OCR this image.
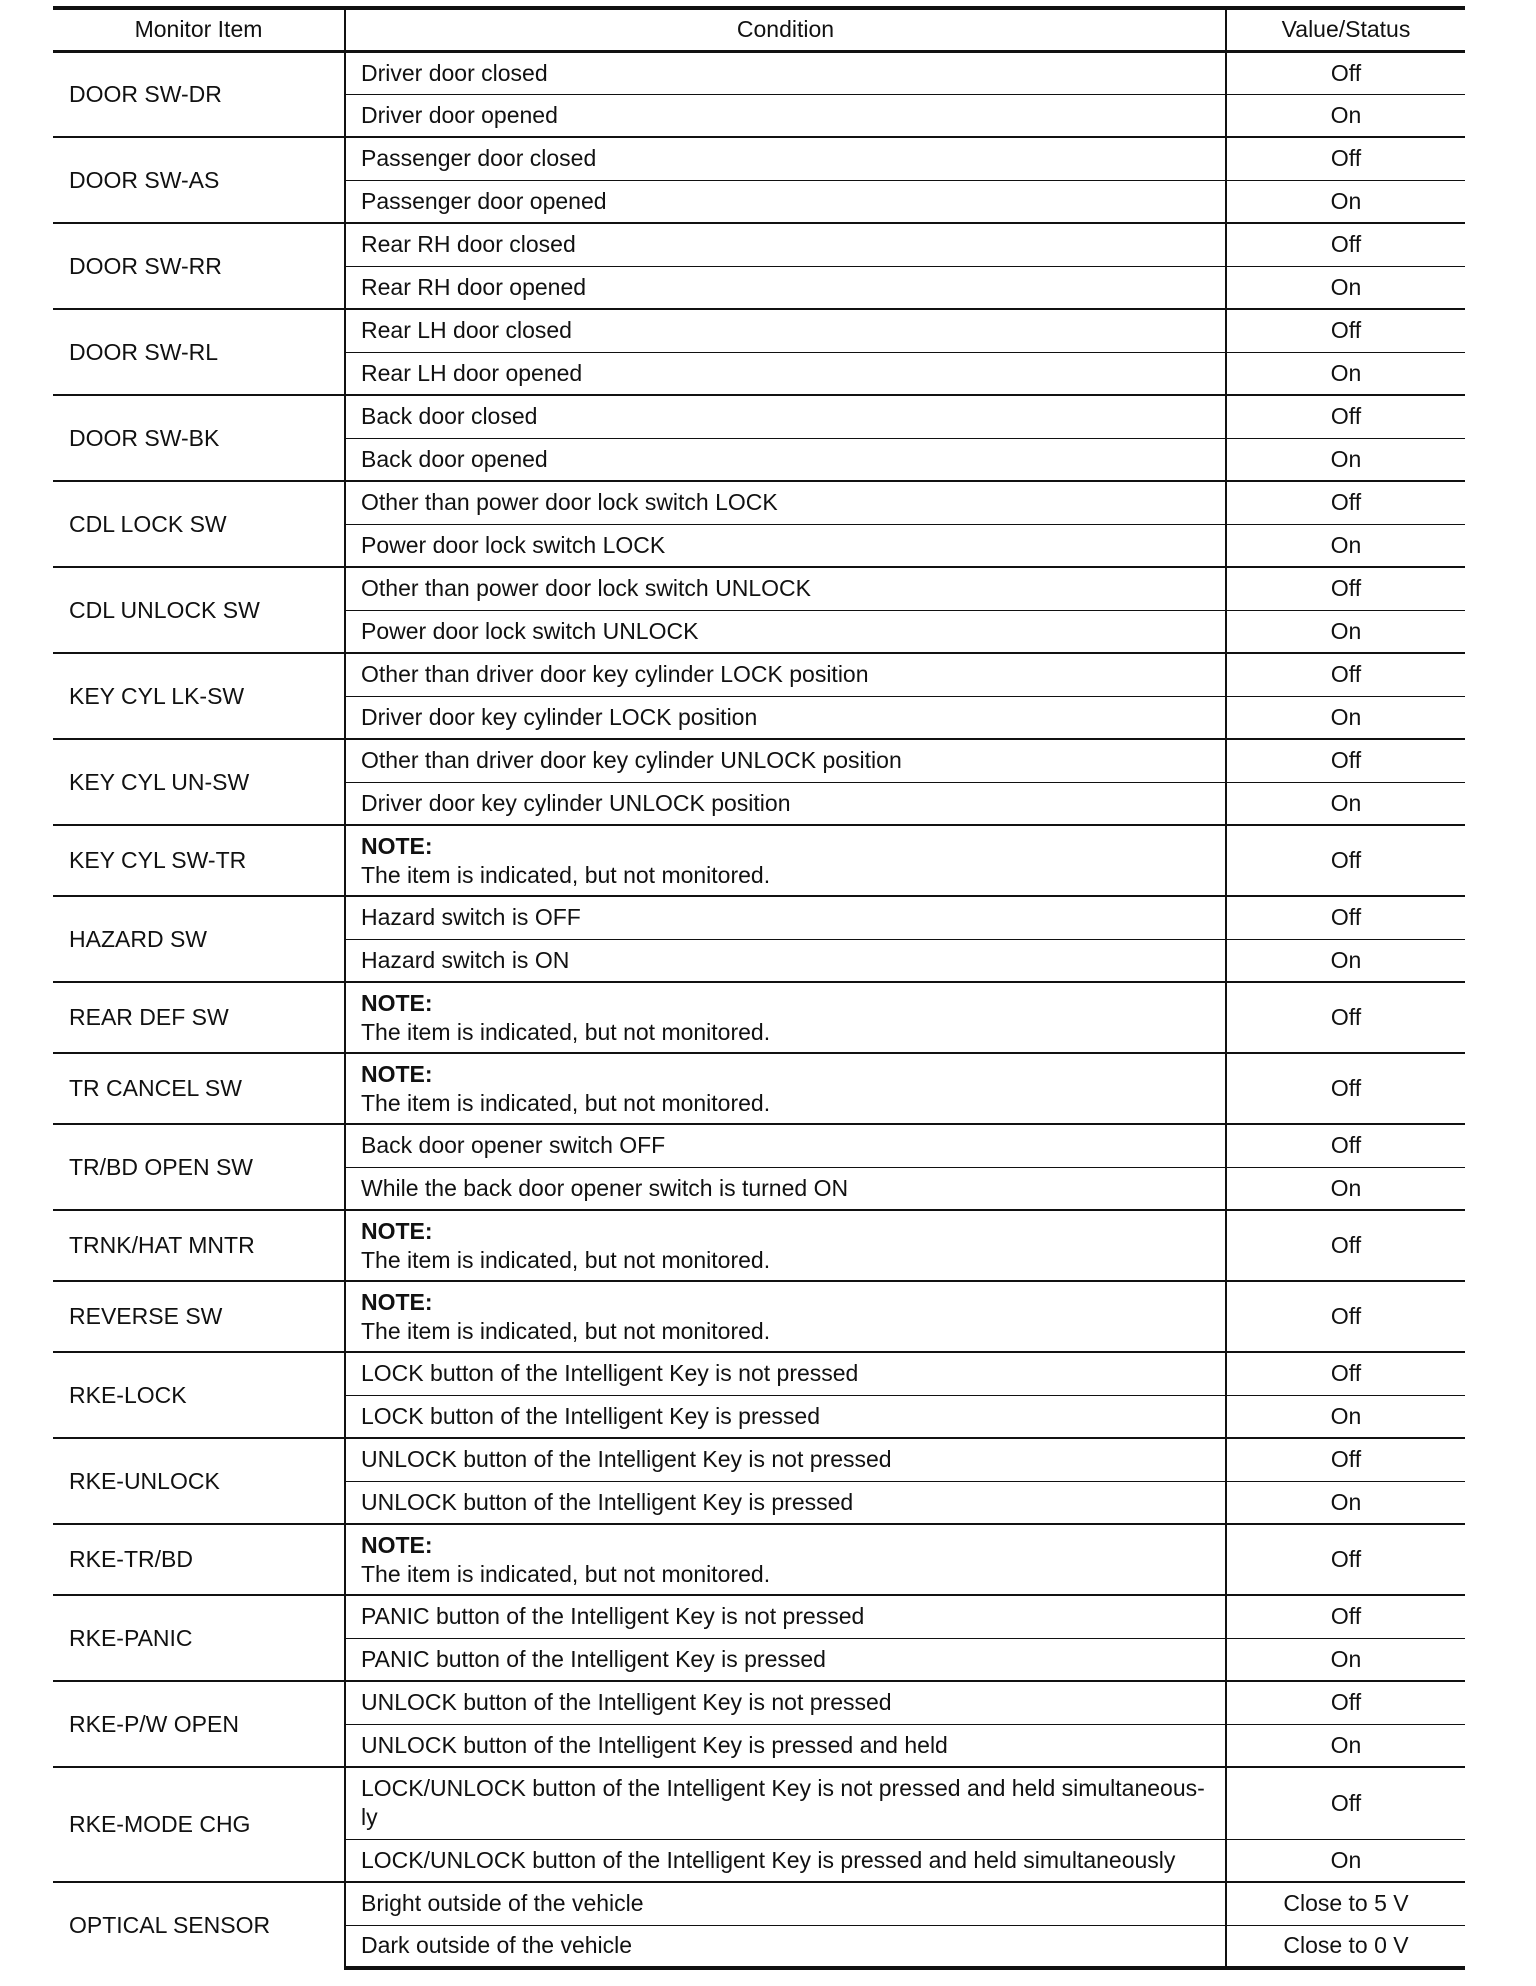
Monitor Item	Condition	Value/Status
DOOR SW-DR	Driver door closed	Off
	Driver door opened	On
DOOR SW-AS	Passenger door closed	Off
	Passenger door opened	On
DOOR SW-RR	Rear RH door closed	Off
	Rear RH door opened	On
DOOR SW-RL	Rear LH door closed	Off
	Rear LH door opened	On
DOOR SW-BK	Back door closed	Off
	Back door opened	On
CDL LOCK SW	Other than power door lock switch LOCK	Off
	Power door lock switch LOCK	On
CDL UNLOCK SW	Other than power door lock switch UNLOCK	Off
	Power door lock switch UNLOCK	On
KEY CYL LK-SW	Other than driver door key cylinder LOCK position	Off
	Driver door key cylinder LOCK position	On
KEY CYL UN-SW	Other than driver door key cylinder UNLOCK position	Off
	Driver door key cylinder UNLOCK position	On
KEY CYL SW-TR	NOTE:
The item is indicated, but not monitored.	Off
HAZARD SW	Hazard switch is OFF	Off
	Hazard switch is ON	On
REAR DEF SW	NOTE:
The item is indicated, but not monitored.	Off
TR CANCEL SW	NOTE:
The item is indicated, but not monitored.	Off
TR/BD OPEN SW	Back door opener switch OFF	Off
	While the back door opener switch is turned ON	On
TRNK/HAT MNTR	NOTE:
The item is indicated, but not monitored.	Off
REVERSE SW	NOTE:
The item is indicated, but not monitored.	Off
RKE-LOCK	LOCK button of the Intelligent Key is not pressed	Off
	LOCK button of the Intelligent Key is pressed	On
RKE-UNLOCK	UNLOCK button of the Intelligent Key is not pressed	Off
	UNLOCK button of the Intelligent Key is pressed	On
RKE-TR/BD	NOTE:
The item is indicated, but not monitored.	Off
RKE-PANIC	PANIC button of the Intelligent Key is not pressed	Off
	PANIC button of the Intelligent Key is pressed	On
RKE-P/W OPEN	UNLOCK button of the Intelligent Key is not pressed	Off
	UNLOCK button of the Intelligent Key is pressed and held	On
RKE-MODE CHG	LOCK/UNLOCK button of the Intelligent Key is not pressed and held simultaneous-ly	Off
	LOCK/UNLOCK button of the Intelligent Key is pressed and held simultaneously	On
OPTICAL SENSOR	Bright outside of the vehicle	Close to 5 V
	Dark outside of the vehicle	Close to 0 V
